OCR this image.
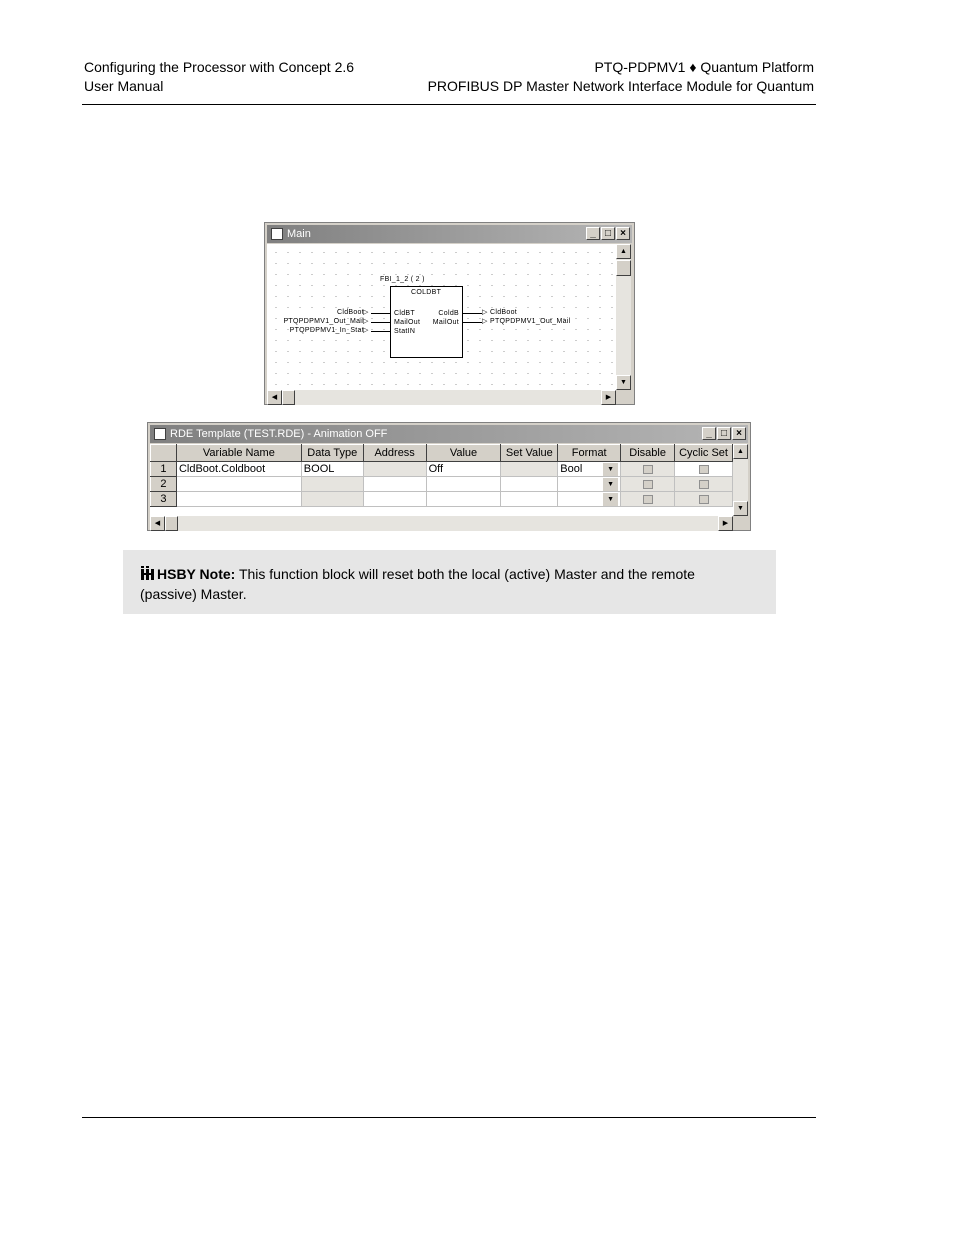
Configuring the Processor with Concept 2.6
User Manual
PTQ-PDPMV1 ♦ Quantum Platform
PROFIBUS DP Master Network Interface Module for Quantum
Main	_ □ ×
FBI_1_2 ( 2 )
COLDBT
CldBT
MailOut
StatIN
ColdB
MailOut
CldBoot
PTQPDPMV1_Out_Mail
PTQPDPMV1_In_Stat
▷
▷
▷
▷
▷
CldBoot
PTQPDPMV1_Out_Mail
▲
▼
◀	▶
RDE Template (TEST.RDE) - Animation OFF	_ □ ×
	Variable Name	Data Type	Address	Value	Set Value	Format	Disable	Cyclic Set
1	CldBoot.Coldboot	BOOL		Off		Bool ▼		

2						▼		

3						▼		

▲
▼
◀	▶

HSBY Note: This function block will reset both the local (active) Master and the remote (passive) Master.
